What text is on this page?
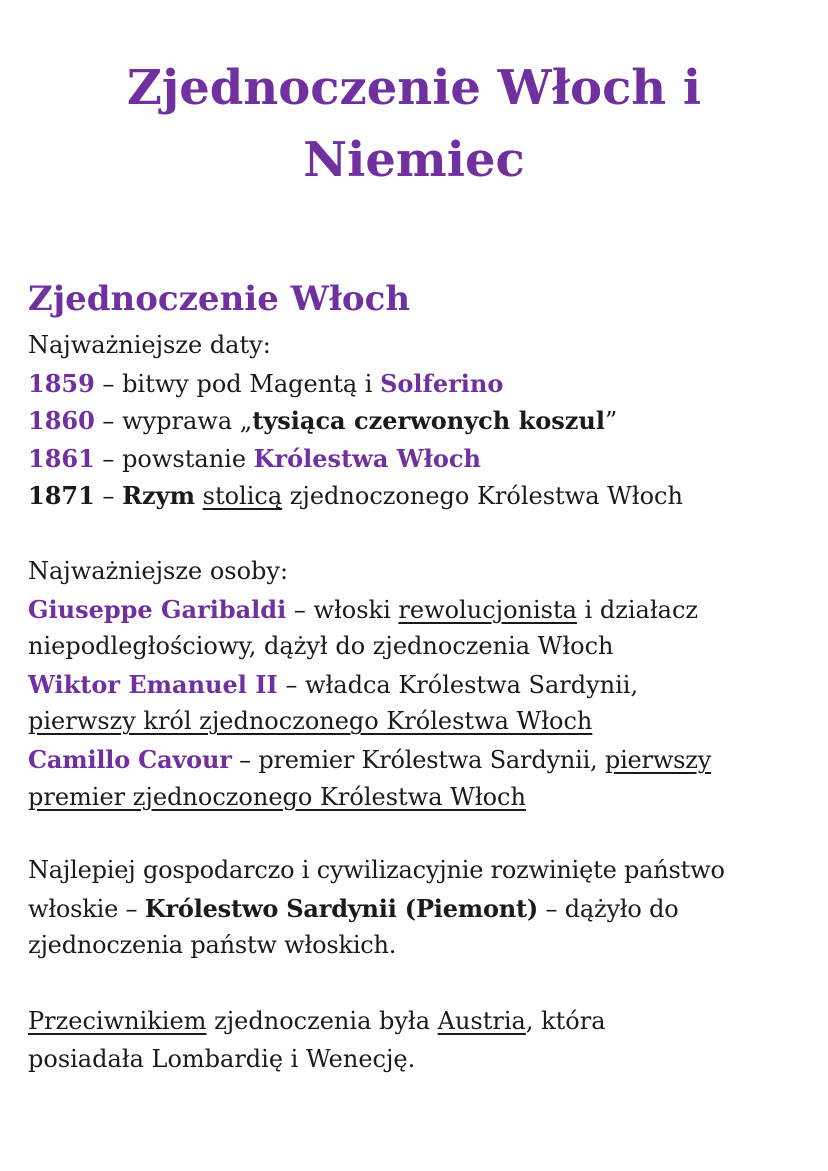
Zjednoczenie Włoch i
Niemiec
Zjednoczenie Włoch
Najważniejsze daty:
1859 – bitwy pod Magentą i Solferino
1860 – wyprawa „tysiąca czerwonych koszul”
1861 – powstanie Królestwa Włoch
1871 – Rzym stolicą zjednoczonego Królestwa Włoch
Najważniejsze osoby:
Giuseppe Garibaldi – włoski rewolucjonista i działacz
niepodległościowy, dążył do zjednoczenia Włoch
Wiktor Emanuel II – władca Królestwa Sardynii,
pierwszy król zjednoczonego Królestwa Włoch
Camillo Cavour – premier Królestwa Sardynii, pierwszy
premier zjednoczonego Królestwa Włoch
Najlepiej gospodarczo i cywilizacyjnie rozwinięte państwo
włoskie – Królestwo Sardynii (Piemont) – dążyło do
zjednoczenia państw włoskich.
Przeciwnikiem zjednoczenia była Austria, która
posiadała Lombardię i Wenecję.
